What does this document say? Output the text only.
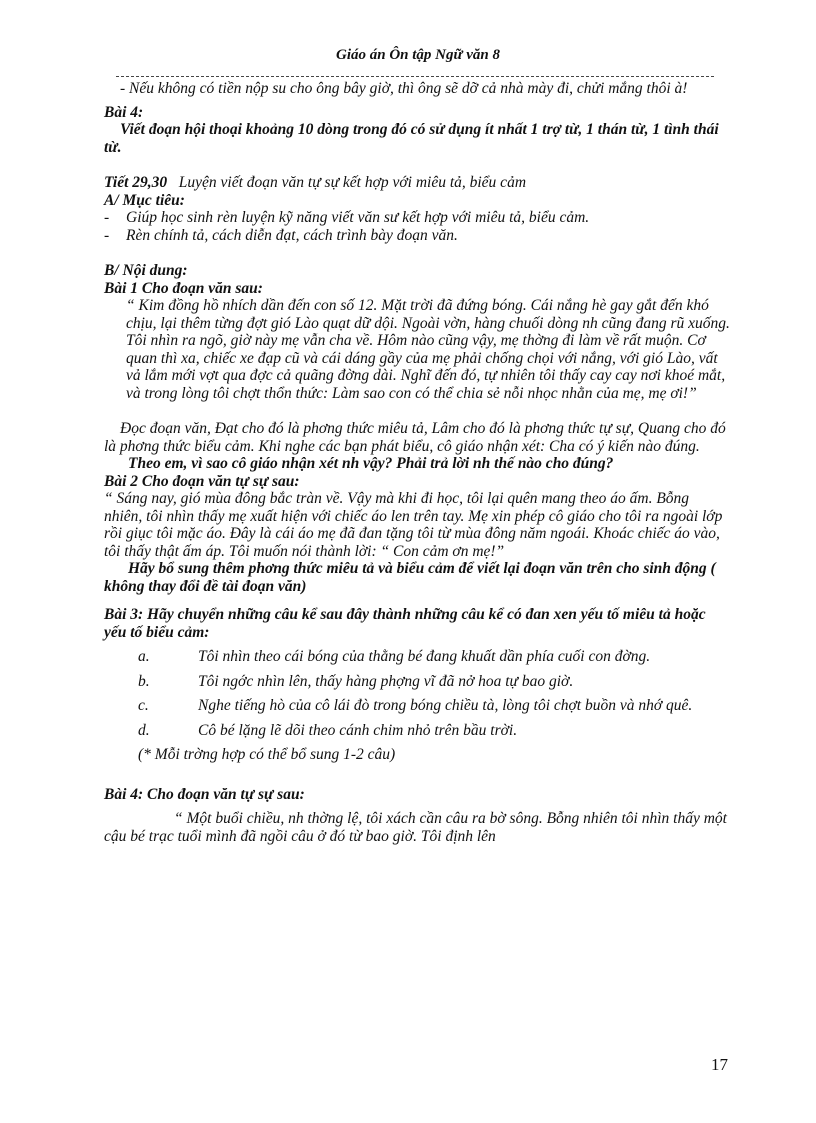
Giáo án Ôn tập Ngữ văn 8

- Nếu không có tiền nộp su cho ông bây giờ, thì ông sẽ dỡ cả nhà mày đi, chửi mắng thôi à!

Bài 4:

Viết đoạn hội thoại khoảng 10 dòng trong đó có sử dụng ít nhất 1 trợ từ, 1 thán từ, 1 tình thái từ.

Tiết 29,30 Luyện viết đoạn văn tự sự kết hợp với miêu tả, biểu cảm

A/ Mục tiêu:

-	Giúp học sinh rèn luyện kỹ năng viết văn sư kết hợp với miêu tả, biểu cảm.
-	Rèn chính tả, cách diễn đạt, cách trình bày đoạn văn.

B/ Nội dung:

Bài 1 Cho đoạn văn sau:

“ Kim đồng hồ nhích dần đến con số 12. Mặt trời đã đứng bóng. Cái nắng hè gay gắt đến khó chịu, lại thêm từng đợt gió Lào quạt dữ dội. Ngoài vờn, hàng chuối dòng nh cũng đang rũ xuống. Tôi nhìn ra ngõ, giờ này mẹ vẫn cha về. Hôm nào cũng vậy, mẹ thờng đi làm về rất muộn. Cơ quan thì xa, chiếc xe đạp cũ và cái dáng gầy của mẹ phải chống chọi với nắng, với gió Lào, vất vả lắm mới vợt qua đợc cả quãng đờng dài. Nghĩ đến đó, tự nhiên tôi thấy cay cay nơi khoé mắt, và trong lòng tôi chợt thổn thức: Làm sao con có thể chia sẻ nỗi nhọc nhằn của mẹ, mẹ ơi!”

Đọc đoạn văn, Đạt cho đó là phơng thức miêu tả, Lâm cho đó là phơng thức tự sự, Quang cho đó là phơng thức biểu cảm. Khi nghe các bạn phát biểu, cô giáo nhận xét: Cha có ý kiến nào đúng.

Theo em, vì sao cô giáo nhận xét nh vậy? Phải trả lời nh thế nào cho đúng?

Bài 2 Cho đoạn văn tự sự sau:

“ Sáng nay, gió mùa đông bắc tràn về. Vậy mà khi đi học, tôi lại quên mang theo áo ấm. Bỗng nhiên, tôi nhìn thấy mẹ xuất hiện với chiếc áo len trên tay. Mẹ xin phép cô giáo cho tôi ra ngoài lớp rồi giục tôi mặc áo. Đây là cái áo mẹ đã đan tặng tôi từ mùa đông năm ngoái. Khoác chiếc áo vào, tôi thấy thật ấm áp. Tôi muốn nói thành lời: “ Con cảm ơn mẹ!”

Hãy bổ sung thêm phơng thức miêu tả và biểu cảm để viết lại đoạn văn trên cho sinh động ( không thay đổi đề tài đoạn văn)

Bài 3: Hãy chuyển những câu kể sau đây thành những câu kể có đan xen yếu tố miêu tả hoặc yếu tố biểu cảm:

a.	Tôi nhìn theo cái bóng của thằng bé đang khuất dần phía cuối con đờng.
b.	Tôi ngớc nhìn lên, thấy hàng phợng vĩ đã nở hoa tự bao giờ.
c.	Nghe tiếng hò của cô lái đò trong bóng chiều tà, lòng tôi chợt buồn và nhớ quê.
d.	Cô bé lặng lẽ dõi theo cánh chim nhỏ trên bầu trời.

(* Mỗi trờng hợp có thể bổ sung 1-2 câu)

Bài 4: Cho đoạn văn tự sự sau:

“ Một buổi chiều, nh thờng lệ, tôi xách cần câu ra bờ sông. Bỗng nhiên tôi nhìn thấy một cậu bé trạc tuổi mình đã ngồi câu ở đó từ bao giờ. Tôi định lên

17
